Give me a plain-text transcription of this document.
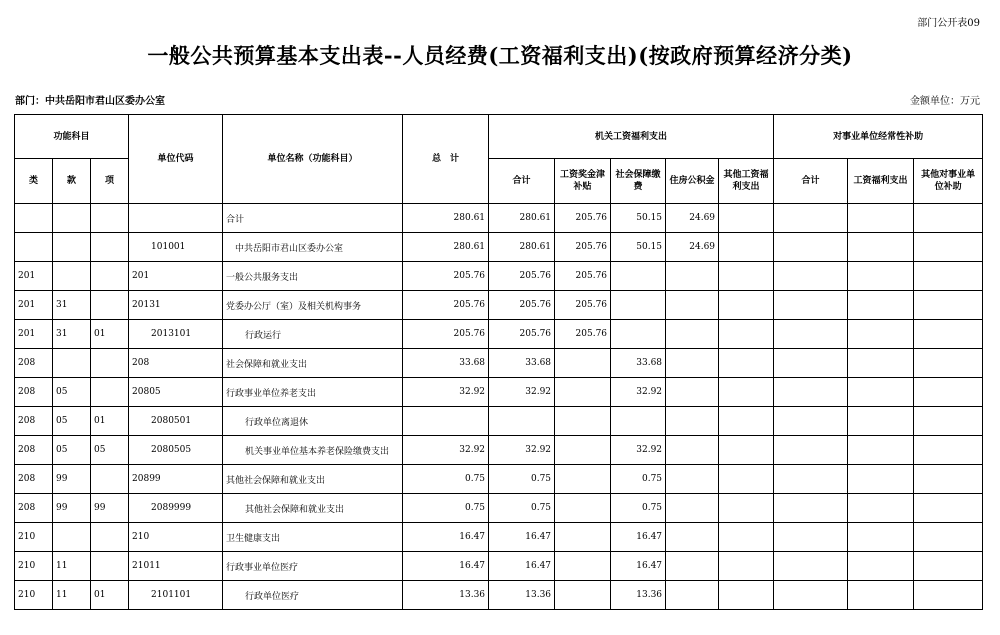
部门公开表09
一般公共预算基本支出表--人员经费(工资福利支出)(按政府预算经济分类)
部门：中共岳阳市君山区委办公室	金额单位：万元
功能科目			单位代码	单位名称（功能科目）	总　计	机关工资福利支出					对事业单位经常性补助		
类	款	项				合计	工资奖金津补贴	社会保障缴费	住房公积金	其他工资福利支出	合计	工资福利支出	其他对事业单位补助
				合计	280.61	280.61	205.76	50.15	24.69				
			101001	中共岳阳市君山区委办公室	280.61	280.61	205.76	50.15	24.69				
201			201	一般公共服务支出	205.76	205.76	205.76						
201	31		20131	党委办公厅（室）及相关机构事务	205.76	205.76	205.76						
201	31	01	2013101	行政运行	205.76	205.76	205.76						
208			208	社会保障和就业支出	33.68	33.68		33.68					
208	05		20805	行政事业单位养老支出	32.92	32.92		32.92					
208	05	01	2080501	行政单位离退休									
208	05	05	2080505	机关事业单位基本养老保险缴费支出	32.92	32.92		32.92					
208	99		20899	其他社会保障和就业支出	0.75	0.75		0.75					
208	99	99	2089999	其他社会保障和就业支出	0.75	0.75		0.75					
210			210	卫生健康支出	16.47	16.47		16.47					
210	11		21011	行政事业单位医疗	16.47	16.47		16.47					
210	11	01	2101101	行政单位医疗	13.36	13.36		13.36					
